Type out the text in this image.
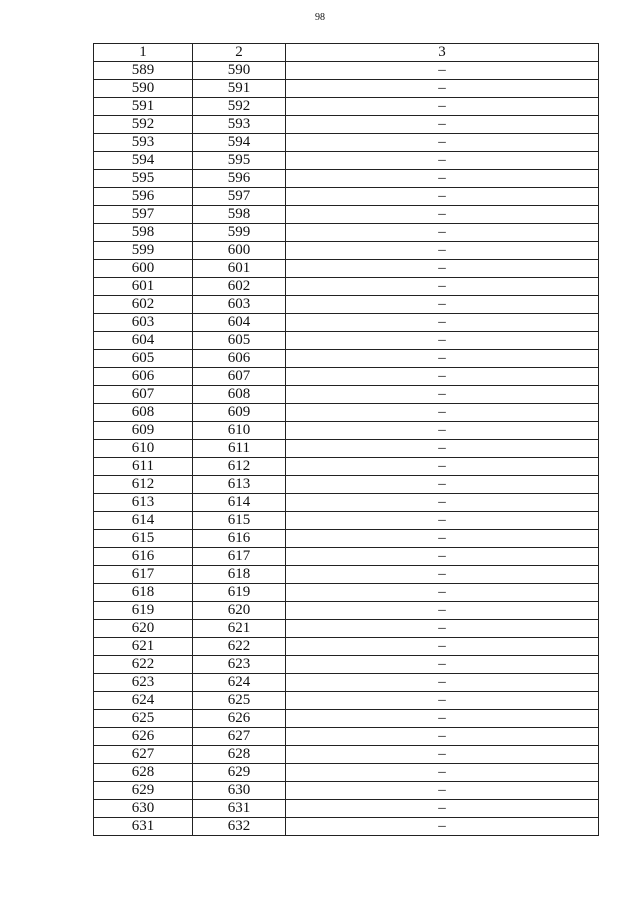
98
1	2	3
589	590	–
590	591	–
591	592	–
592	593	–
593	594	–
594	595	–
595	596	–
596	597	–
597	598	–
598	599	–
599	600	–
600	601	–
601	602	–
602	603	–
603	604	–
604	605	–
605	606	–
606	607	–
607	608	–
608	609	–
609	610	–
610	611	–
611	612	–
612	613	–
613	614	–
614	615	–
615	616	–
616	617	–
617	618	–
618	619	–
619	620	–
620	621	–
621	622	–
622	623	–
623	624	–
624	625	–
625	626	–
626	627	–
627	628	–
628	629	–
629	630	–
630	631	–
631	632	–
